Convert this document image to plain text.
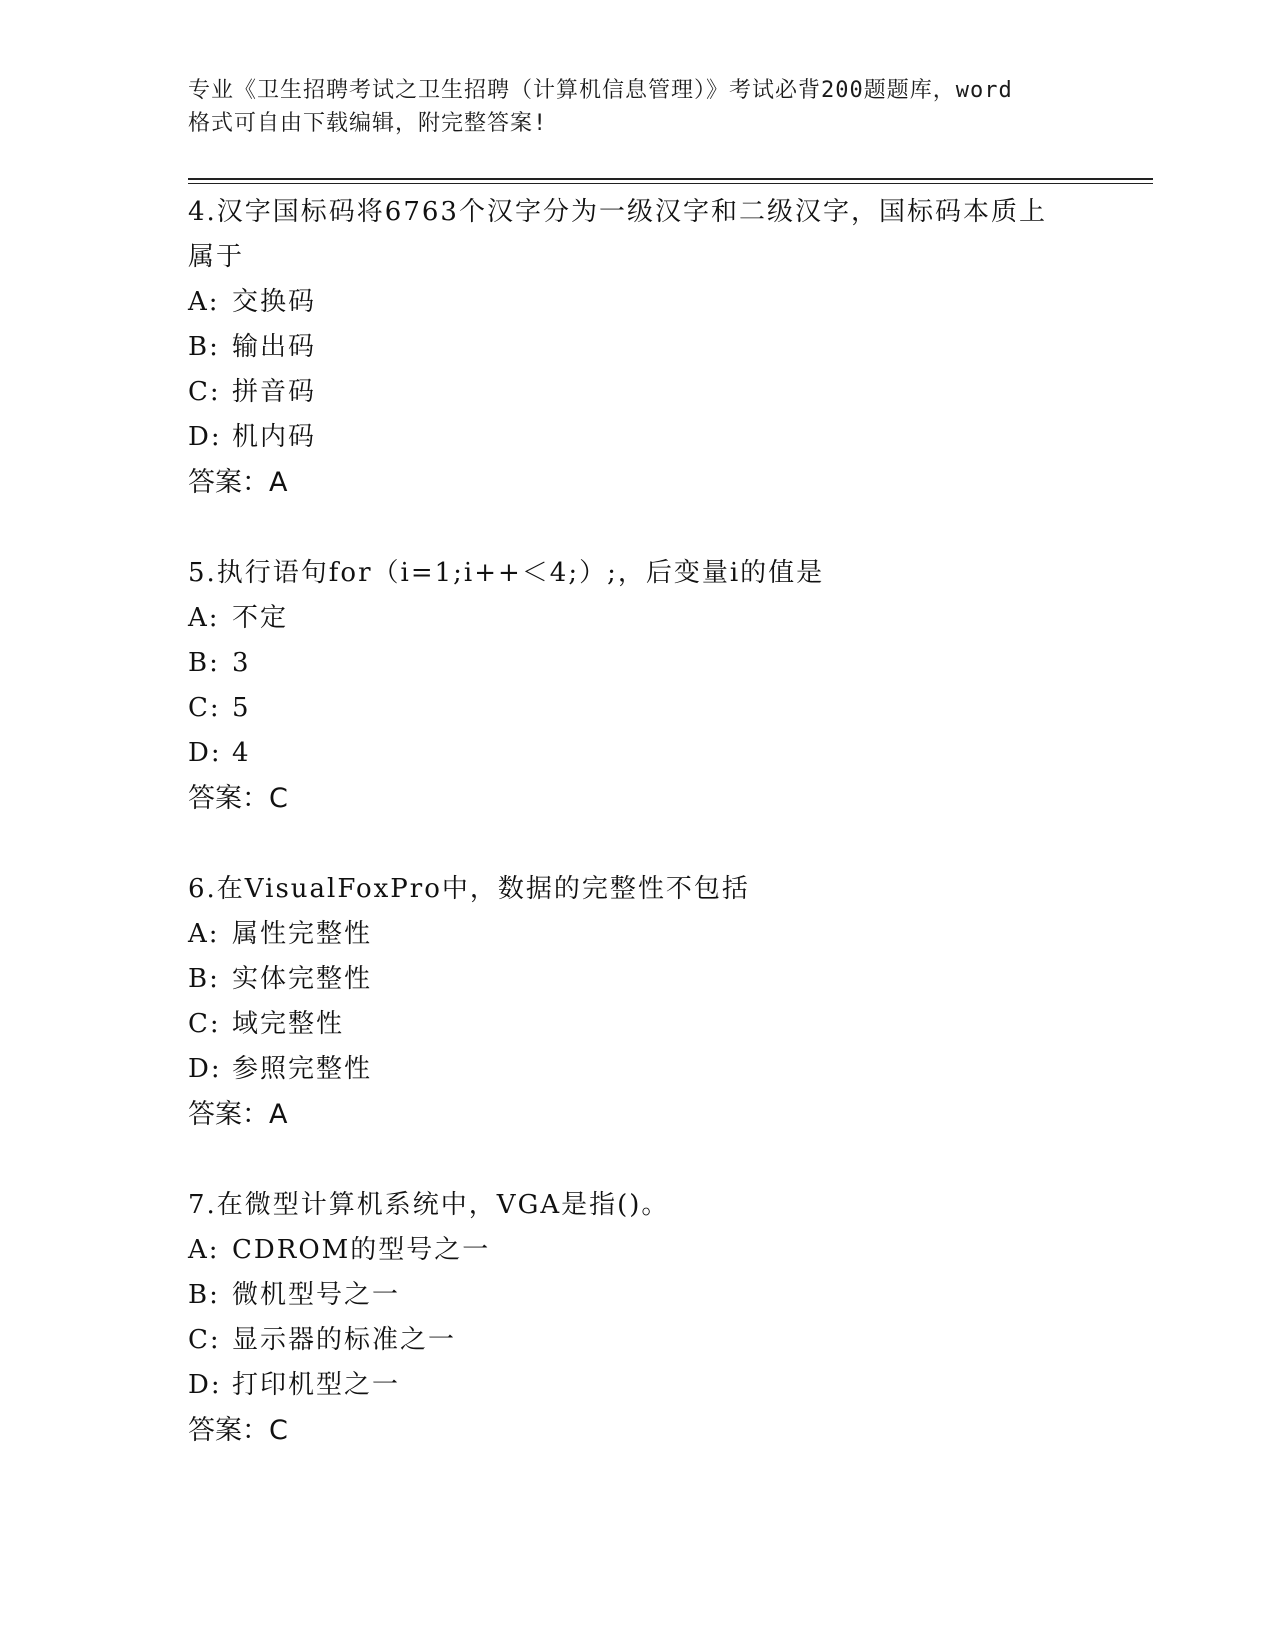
专业《卫生招聘考试之卫生招聘（计算机信息管理）》考试必背200题题库，word
格式可自由下载编辑，附完整答案!

4.汉字国标码将6763个汉字分为一级汉字和二级汉字，国标码本质上属于

A: 交换码

B: 输出码

C: 拼音码

D: 机内码

答案：A

5.执行语句for（i=1;i++＜4;）;，后变量i的值是

A: 不定

B: 3

C: 5

D: 4

答案：C

6.在VisualFoxPro中，数据的完整性不包括

A: 属性完整性

B: 实体完整性

C: 域完整性

D: 参照完整性

答案：A

7.在微型计算机系统中，VGA是指()。

A: CDROM的型号之一

B: 微机型号之一

C: 显示器的标准之一

D: 打印机型之一

答案：C
